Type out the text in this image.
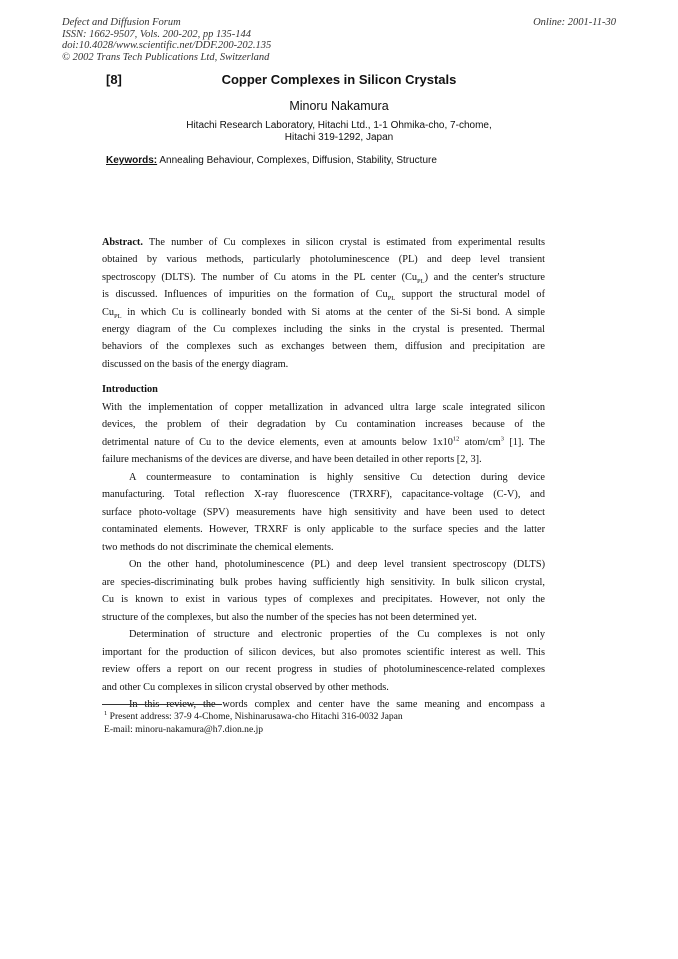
Defect and Diffusion Forum
ISSN: 1662-9507, Vols. 200-202, pp 135-144
doi:10.4028/www.scientific.net/DDF.200-202.135
© 2002 Trans Tech Publications Ltd, Switzerland
Online: 2001-11-30
[8]	Copper Complexes in Silicon Crystals
Minoru Nakamura
Hitachi Research Laboratory, Hitachi Ltd., 1-1 Ohmika-cho, 7-chome,
Hitachi 319-1292, Japan
Keywords: Annealing Behaviour, Complexes, Diffusion, Stability, Structure
Abstract. The number of Cu complexes in silicon crystal is estimated from experimental results
obtained by various methods, particularly photoluminescence (PL) and deep level transient
spectroscopy (DLTS). The number of Cu atoms in the PL center $(Cu_{PL})$ and the center's structure
is discussed. Influences of impurities on the formation of $Cu_{PL}$ support the structural model of
$Cu_{PL}$ in which Cu is collinearly bonded with Si atoms at the center of the Si-Si bond. A simple
energy diagram of the Cu complexes including the sinks in the crystal is presented. Thermal
behaviors of the complexes such as exchanges between them, diffusion and precipitation are
discussed on the basis of the energy diagram.
Introduction
With the implementation of copper metallization in advanced ultra large scale integrated silicon
devices, the problem of their degradation by Cu contamination increases because of the
detrimental nature of Cu to the device elements, even at amounts below $1x10^{12}$ atom/$cm^3$ [1]. The
failure mechanisms of the devices are diverse, and have been detailed in other reports [2, 3].
A countermeasure to contamination is highly sensitive Cu detection during device
manufacturing. Total reflection X-ray fluorescence (TRXRF), capacitance-voltage (C-V), and
surface photo-voltage (SPV) measurements have high sensitivity and have been used to detect
contaminated elements. However, TRXRF is only applicable to the surface species and the latter
two methods do not discriminate the chemical elements.
On the other hand, photoluminescence (PL) and deep level transient spectroscopy (DLTS)
are species-discriminating bulk probes having sufficiently high sensitivity. In bulk silicon crystal,
Cu is known to exist in various types of complexes and precipitates. However, not only the
structure of the complexes, but also the number of the species has not been determined yet.
Determination of structure and electronic properties of the Cu complexes is not only
important for the production of silicon devices, but also promotes scientific interest as well. This
review offers a report on our recent progress in studies of photoluminescence-related complexes
and other Cu complexes in silicon crystal observed by other methods.
In this review, the words complex and center have the same meaning and encompass a
$^1$ Present address: 37-9 4-Chome, Nishinarusawa-cho Hitachi 316-0032 Japan
E-mail: minoru-nakamura@h7.dion.ne.jp
